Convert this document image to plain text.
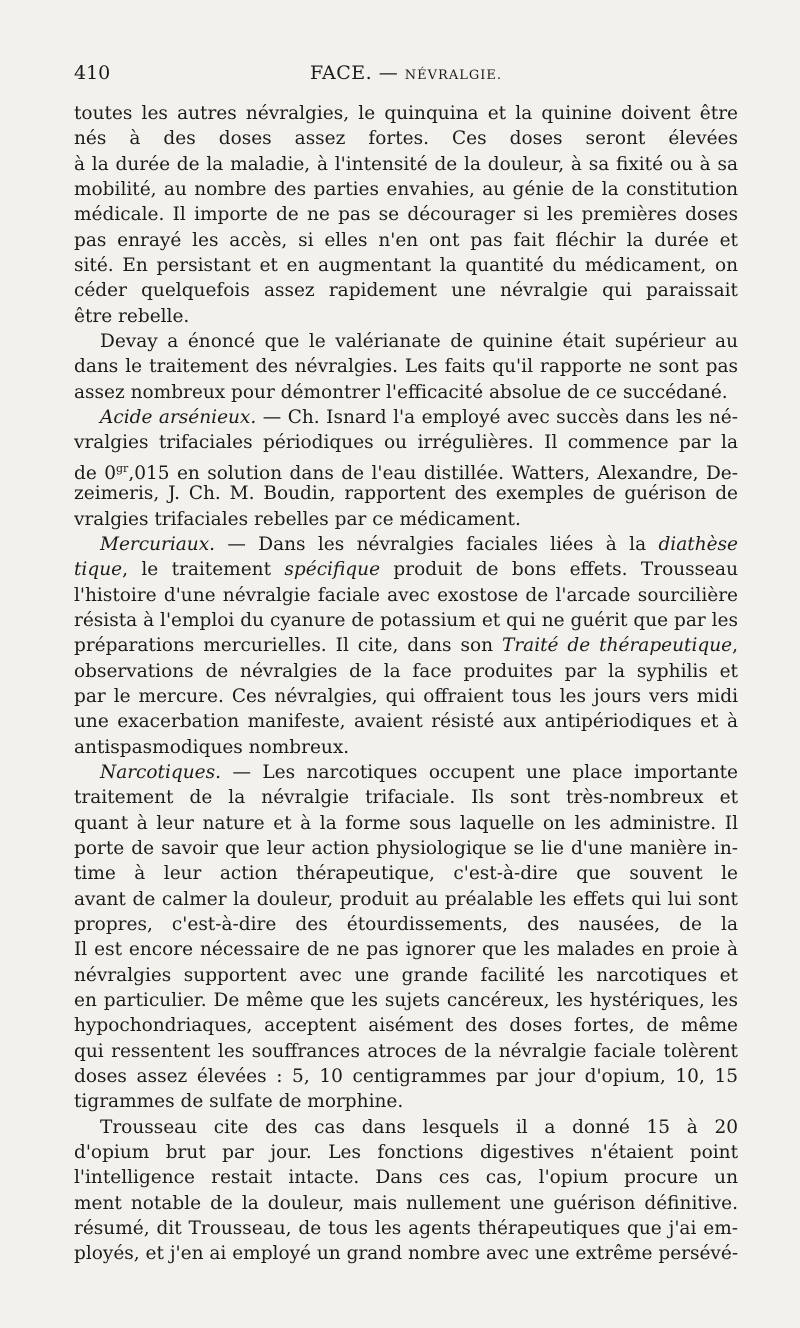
410	FACE. — NÉVRALGIE.
toutes les autres névralgies, le quinquina et la quinine doivent être
nés à des doses assez fortes. Ces doses seront élevées
à la durée de la maladie, à l'intensité de la douleur, à sa fixité ou à sa
mobilité, au nombre des parties envahies, au génie de la constitution
médicale. Il importe de ne pas se décourager si les premières doses
pas enrayé les accès, si elles n'en ont pas fait fléchir la durée et
sité. En persistant et en augmentant la quantité du médicament, on
céder quelquefois assez rapidement une névralgie qui paraissait
être rebelle.
Devay a énoncé que le valérianate de quinine était supérieur au
dans le traitement des névralgies. Les faits qu'il rapporte ne sont pas
assez nombreux pour démontrer l'efficacité absolue de ce succédané.
Acide arsénieux. — Ch. Isnard l'a employé avec succès dans les né-
vralgies trifaciales périodiques ou irrégulières. Il commence par la
de $0^{gr},015$ en solution dans de l'eau distillée. Watters, Alexandre, De-
zeimeris, J. Ch. M. Boudin, rapportent des exemples de guérison de
vralgies trifaciales rebelles par ce médicament.
Mercuriaux. — Dans les névralgies faciales liées à la diathèse
tique, le traitement spécifique produit de bons effets. Trousseau
l'histoire d'une névralgie faciale avec exostose de l'arcade sourcilière
résista à l'emploi du cyanure de potassium et qui ne guérit que par les
préparations mercurielles. Il cite, dans son Traité de thérapeutique,
observations de névralgies de la face produites par la syphilis et
par le mercure. Ces névralgies, qui offraient tous les jours vers midi
une exacerbation manifeste, avaient résisté aux antipériodiques et à
antispasmodiques nombreux.
Narcotiques. — Les narcotiques occupent une place importante
traitement de la névralgie trifaciale. Ils sont très-nombreux et
quant à leur nature et à la forme sous laquelle on les administre. Il
porte de savoir que leur action physiologique se lie d'une manière in-
time à leur action thérapeutique, c'est-à-dire que souvent le
avant de calmer la douleur, produit au préalable les effets qui lui sont
propres, c'est-à-dire des étourdissements, des nausées, de la
Il est encore nécessaire de ne pas ignorer que les malades en proie à
névralgies supportent avec une grande facilité les narcotiques et
en particulier. De même que les sujets cancéreux, les hystériques, les
hypochondriaques, acceptent aisément des doses fortes, de même
qui ressentent les souffrances atroces de la névralgie faciale tolèrent
doses assez élevées : 5, 10 centigrammes par jour d'opium, 10, 15
tigrammes de sulfate de morphine.
Trousseau cite des cas dans lesquels il a donné 15 à 20
d'opium brut par jour. Les fonctions digestives n'étaient point
l'intelligence restait intacte. Dans ces cas, l'opium procure un
ment notable de la douleur, mais nullement une guérison définitive.
résumé, dit Trousseau, de tous les agents thérapeutiques que j'ai em-
ployés, et j'en ai employé un grand nombre avec une extrême persévé-
